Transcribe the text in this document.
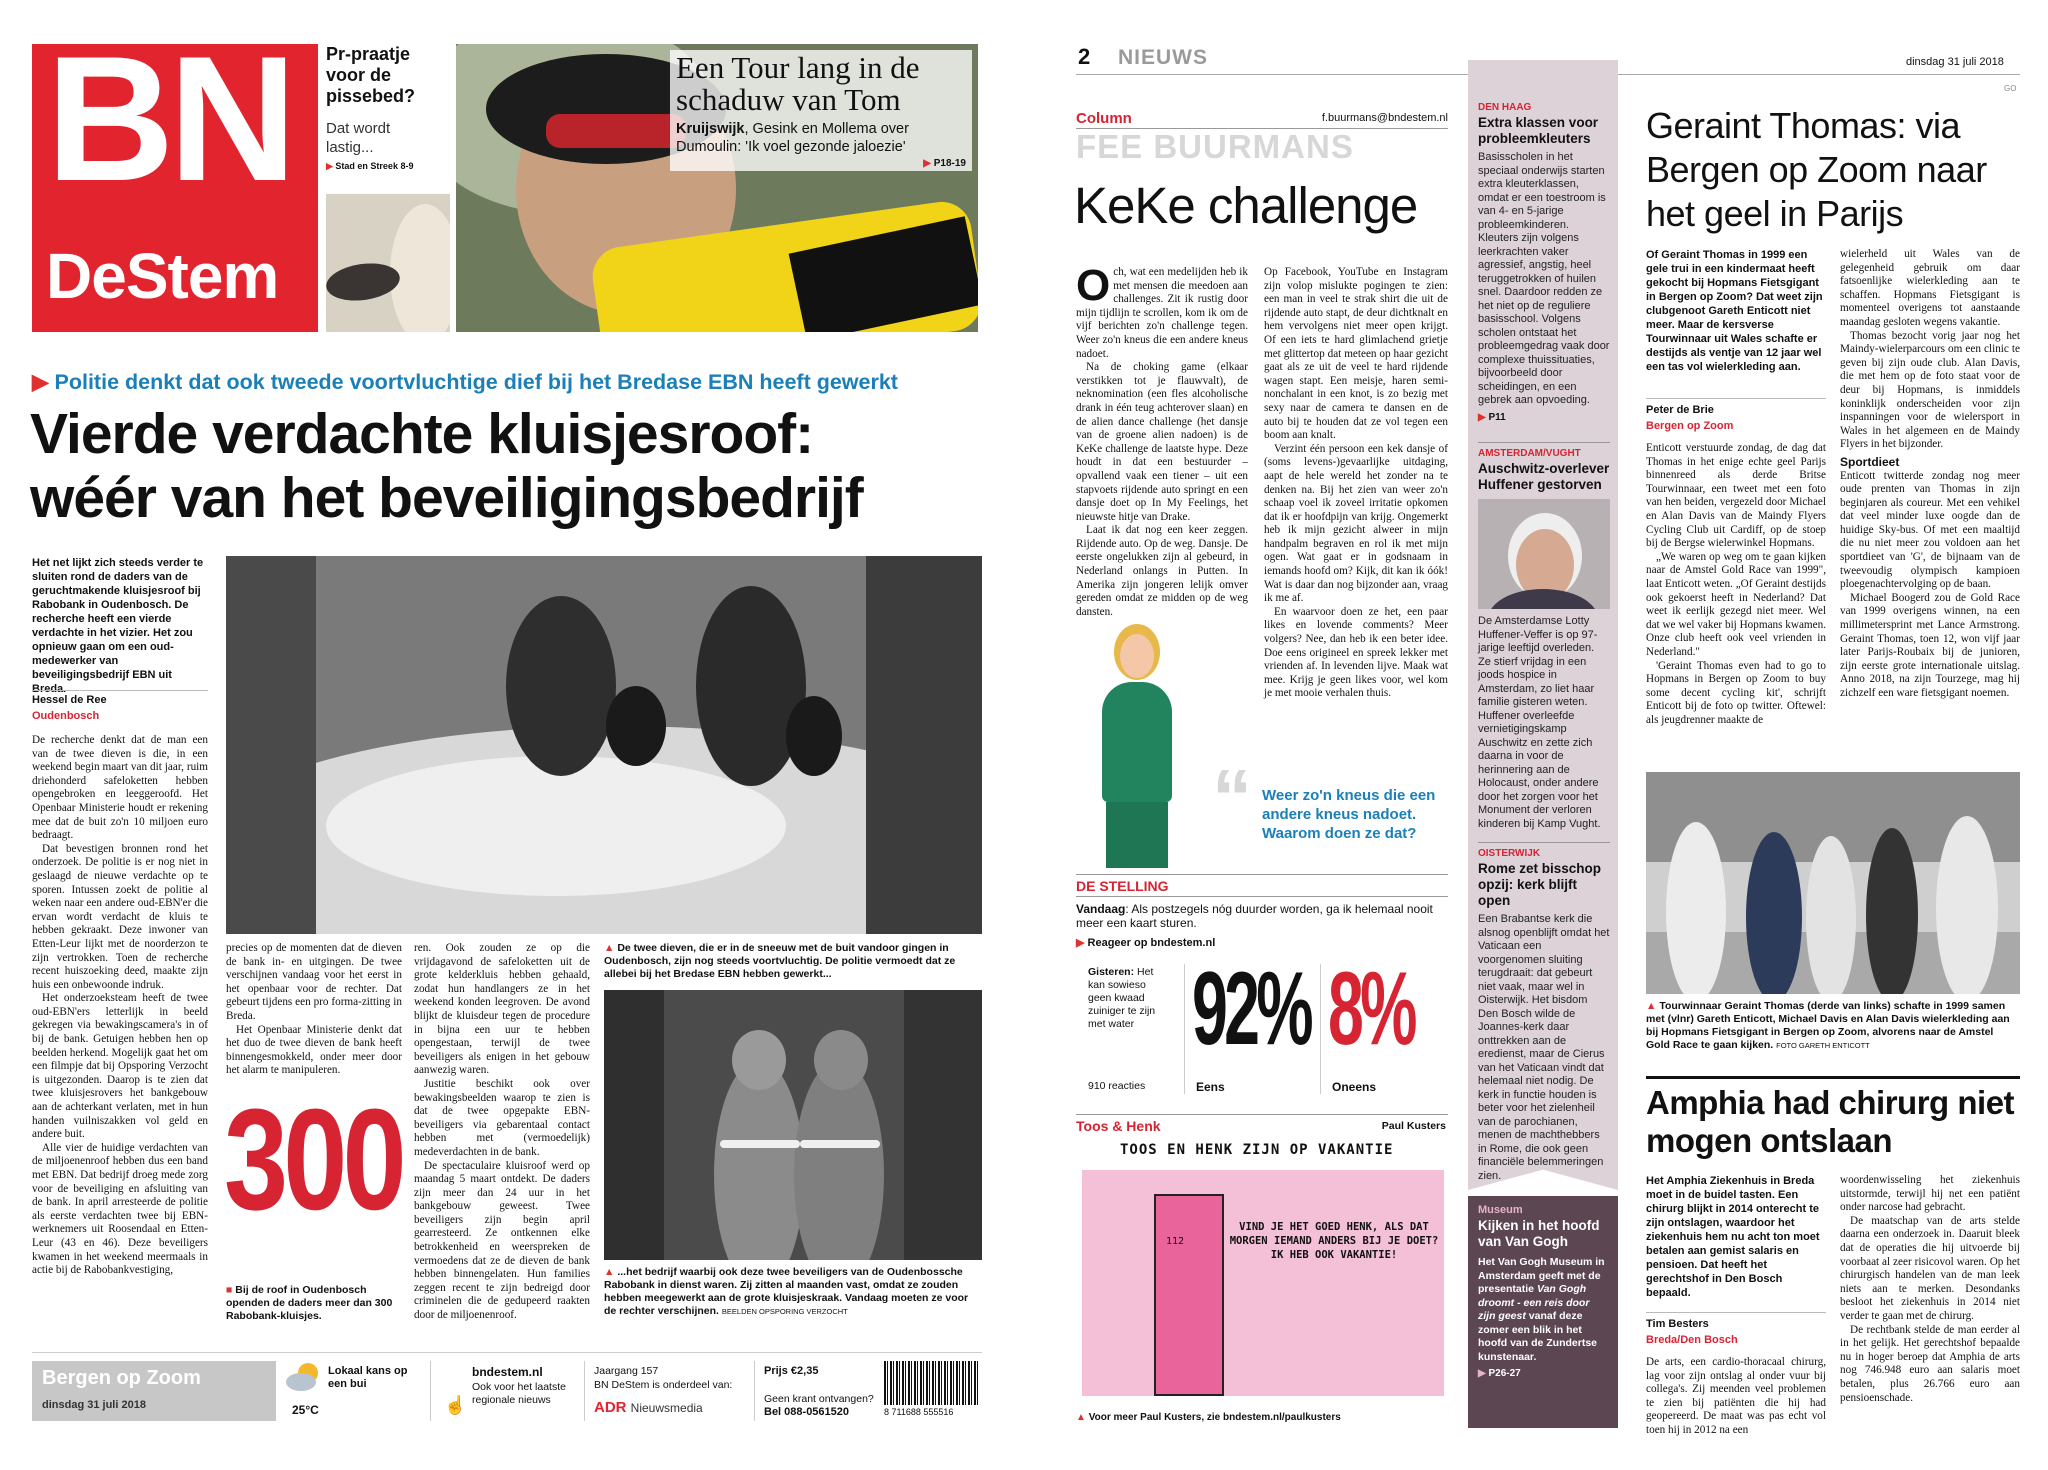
BN
DeStem
Pr-praatje voor de pissebed?
Dat wordt lastig...
▶ Stad en Streek 8-9
Een Tour lang in de
schaduw van Tom
Kruijswijk, Gesink en Mollema over Dumoulin: 'Ik voel gezonde jaloezie'
▶ P18-19
▶ Politie denkt dat ook tweede voortvluchtige dief bij het Bredase EBN heeft gewerkt
Vierde verdachte kluisjesroof:
wéér van het beveiligingsbedrijf
Het net lijkt zich steeds verder te sluiten rond de daders van de geruchtmakende kluisjesroof bij Rabobank in Oudenbosch. De recherche heeft een vierde verdachte in het vizier. Het zou opnieuw gaan om een oud-medewerker van beveiligingsbedrijf EBN uit Breda.
Hessel de Ree
Oudenbosch

De recherche denkt dat de man een van de twee dieven is die, in een weekend begin maart van dit jaar, ruim driehonderd safeloketten hebben opengebroken en leeggeroofd. Het Openbaar Ministerie houdt er rekening mee dat de buit zo'n 10 miljoen euro bedraagt.

Dat bevestigen bronnen rond het onderzoek. De politie is er nog niet in geslaagd de nieuwe verdachte op te sporen. Intussen zoekt de politie al weken naar een andere oud-EBN'er die ervan wordt verdacht de kluis te hebben gekraakt. Deze inwoner van Etten-Leur lijkt met de noorderzon te zijn vertrokken. Toen de recherche recent huiszoeking deed, maakte zijn huis een onbewoonde indruk.

Het onderzoeksteam heeft de twee oud-EBN'ers letterlijk in beeld gekregen via bewakingscamera's in of bij de bank. Getuigen hebben hen op beelden herkend. Mogelijk gaat het om een filmpje dat bij Opsporing Verzocht is uitgezonden. Daarop is te zien dat twee kluisjesrovers het bankgebouw aan de achterkant verlaten, met in hun handen vuilniszakken vol geld en andere buit.

Alle vier de huidige verdachten van de miljoenenroof hebben dus een band met EBN. Dat bedrijf droeg mede zorg voor de beveiliging en afsluiting van de bank. In april arresteerde de politie als eerste verdachten twee bij EBN-werknemers uit Roosendaal en Etten-Leur (43 en 46). Deze beveiligers kwamen in het weekend meermaals in actie bij de Rabobankvestiging,

precies op de momenten dat de dieven de bank in- en uitgingen. De twee verschijnen vandaag voor het eerst in het openbaar voor de rechter. Dat gebeurt tijdens een pro forma-zitting in Breda.

Het Openbaar Ministerie denkt dat het duo de twee dieven de bank heeft binnengesmokkeld, onder meer door het alarm te manipuleren.

300
■ Bij de roof in Oudenbosch openden de daders meer dan 300 Rabobank-kluisjes.

ren. Ook zouden ze op die vrijdagavond de safeloketten uit de grote kelderkluis hebben gehaald, zodat hun handlangers ze in het weekend konden leegroven. De avond blijkt de kluisdeur tegen de procedure in bijna een uur te hebben opengestaan, terwijl de twee beveiligers als enigen in het gebouw aanwezig waren.

Justitie beschikt ook over bewakingsbeelden waarop te zien is dat de twee opgepakte EBN-beveiligers via gebarentaal contact hebben met (vermoedelijk) medeverdachten in de bank.

De spectaculaire kluisroof werd op maandag 5 maart ontdekt. De daders zijn meer dan 24 uur in het bankgebouw geweest. Twee beveiligers zijn begin april gearresteerd. Ze ontkennen elke betrokkenheid en weerspreken de vermoedens dat ze de dieven de bank hebben binnengelaten. Hun families zeggen recent te zijn bedreigd door criminelen die de gedupeerd raakten door de miljoenenroof.

▲ De twee dieven, die er in de sneeuw met de buit vandoor gingen in Oudenbosch, zijn nog steeds voortvluchtig. De politie vermoedt dat ze allebei bij het Bredase EBN hebben gewerkt...
▲ ...het bedrijf waarbij ook deze twee beveiligers van de Oudenbossche Rabobank in dienst waren. Zij zitten al maanden vast, omdat ze zouden hebben meegewerkt aan de grote kluisjeskraak. Vandaag moeten ze voor de rechter verschijnen. BEELDEN OPSPORING VERZOCHT
Bergen op Zoom
dinsdag 31 juli 2018
Lokaal kans op een bui
25°C	☝
bndestem.nl
Ook voor het laatste regionale nieuws
Jaargang 157
BN DeStem is onderdeel van:
ADR Nieuwsmedia
Prijs €2,35
Geen krant ontvangen?
Bel 088-0561520	8 711688 555516
2 NIEUWS	dinsdag 31 juli 2018
GO
Column	f.buurmans@bndestem.nl
FEE BUURMANS
KeKe challenge

Och, wat een medelijden heb ik met mensen die meedoen aan challenges. Zit ik rustig door mijn tijdlijn te scrollen, kom ik om de vijf berichten zo'n challenge tegen. Weer zo'n kneus die een andere kneus nadoet.

Na de choking game (elkaar verstikken tot je flauwvalt), de neknomination (een fles alcoholische drank in één teug achterover slaan) en de alien dance challenge (het dansje van de groene alien nadoen) is de KeKe challenge de laatste hype. Deze houdt in dat een bestuurder – opvallend vaak een tiener – uit een stapvoets rijdende auto springt en een dansje doet op In My Feelings, het nieuwste hitje van Drake.

Laat ik dat nog een keer zeggen. Rijdende auto. Op de weg. Dansje. De eerste ongelukken zijn al gebeurd, in Nederland onlangs in Putten. In Amerika zijn jongeren lelijk omver gereden omdat ze midden op de weg dansten.

Op Facebook, YouTube en Instagram zijn volop mislukte pogingen te zien: een man in veel te strak shirt die uit de rijdende auto stapt, de deur dichtknalt en hem vervolgens niet meer open krijgt. Of een iets te hard glimlachend grietje met glittertop dat meteen op haar gezicht gaat als ze uit de veel te hard rijdende wagen stapt. Een meisje, haren semi-nonchalant in een knot, is zo bezig met sexy naar de camera te dansen en de auto bij te houden dat ze vol tegen een boom aan knalt.

Verzint één persoon een kek dansje of (soms levens-)gevaarlijke uitdaging, aapt de hele wereld het zonder na te denken na. Bij het zien van weer zo'n schaap voel ik zoveel irritatie opkomen dat ik er hoofdpijn van krijg. Ongemerkt heb ik mijn gezicht alweer in mijn handpalm begraven en rol ik met mijn ogen. Wat gaat er in godsnaam in iemands hoofd om? Kijk, dit kan ik óók! Wat is daar dan nog bijzonder aan, vraag ik me af.

En waarvoor doen ze het, een paar likes en lovende comments? Meer volgers? Nee, dan heb ik een beter idee. Doe eens origineel en spreek lekker met vrienden af. In levenden lijve. Maak wat mee. Krijg je geen likes voor, wel kom je met mooie verhalen thuis.

“ Weer zo'n kneus die een andere kneus nadoet. Waarom doen ze dat?
DE STELLING
Vandaag: Als postzegels nóg duurder worden, ga ik helemaal nooit meer een kaart sturen.
▶ Reageer op bndestem.nl
Gisteren: Het kan sowieso geen kwaad zuiniger te zijn met water
910 reacties
92%
Eens
8%
Oneens
Toos & Henk	Paul Kusters
TOOS EN HENK ZIJN OP VAKANTIE
112
VIND JE HET GOED HENK, ALS DAT MORGEN IEMAND ANDERS BIJ JE DOET? IK HEB OOK VAKANTIE!
▲ Voor meer Paul Kusters, zie bndestem.nl/paulkusters
DEN HAAG
Extra klassen voor probleemkleuters

Basisscholen in het speciaal onderwijs starten extra kleuterklassen, omdat er een toestroom is van 4- en 5-jarige probleemkinderen. Kleuters zijn volgens leerkrachten vaker agressief, angstig, heel teruggetrokken of huilen snel. Daardoor redden ze het niet op de reguliere basisschool. Volgens scholen ontstaat het probleemgedrag vaak door complexe thuissituaties, bijvoorbeeld door scheidingen, en een gebrek aan opvoeding.

▶ P11
AMSTERDAM/VUGHT
Auschwitz-overlever Huffener gestorven

De Amsterdamse Lotty Huffener-Veffer is op 97-jarige leeftijd overleden. Ze stierf vrijdag in een joods hospice in Amsterdam, zo liet haar familie gisteren weten. Huffener overleefde vernietigingskamp Auschwitz en zette zich daarna in voor de herinnering aan de Holocaust, onder andere door het zorgen voor het Monument der verloren kinderen bij Kamp Vught.

OISTERWIJK
Rome zet bisschop opzij: kerk blijft open

Een Brabantse kerk die alsnog openblijft omdat het Vaticaan een voorgenomen sluiting terugdraait: dat gebeurt niet vaak, maar wel in Oisterwijk. Het bisdom Den Bosch wilde de Joannes-kerk daar onttrekken aan de eredienst, maar de Cierus van het Vaticaan vindt dat helemaal niet nodig. De kerk in functie houden is beter voor het zielenheil van de parochianen, menen de machthebbers in Rome, die ook geen financiële belemmeringen zien.

Museum
Kijken in het hoofd van Van Gogh
Het Van Gogh Museum in Amsterdam geeft met de presentatie Van Gogh droomt - een reis door zijn geest vanaf deze zomer een blik in het hoofd van de Zundertse kunstenaar.
▶ P26-27
Geraint Thomas: via Bergen op Zoom naar het geel in Parijs
Of Geraint Thomas in 1999 een gele trui in een kindermaat heeft gekocht bij Hopmans Fietsgigant in Bergen op Zoom? Dat weet zijn clubgenoot Gareth Enticott niet meer. Maar de kersverse Tourwinnaar uit Wales schafte er destijds als ventje van 12 jaar wel een tas vol wielerkleding aan.
Peter de Brie
Bergen op Zoom

Enticott verstuurde zondag, de dag dat Thomas in het enige echte geel Parijs binnenreed als derde Britse Tourwinnaar, een tweet met een foto van hen beiden, vergezeld door Michael en Alan Davis van de Maindy Flyers Cycling Club uit Cardiff, op de stoep bij de Bergse wielerwinkel Hopmans.

„We waren op weg om te gaan kijken naar de Amstel Gold Race van 1999", laat Enticott weten. „Of Geraint destijds ook gekoerst heeft in Nederland? Dat weet ik eerlijk gezegd niet meer. Wel dat we wel vaker bij Hopmans kwamen. Onze club heeft ook veel vrienden in Nederland."

'Geraint Thomas even had to go to Hopmans in Bergen op Zoom to buy some decent cycling kit', schrijft Enticott bij de foto op twitter. Oftewel: als jeugdrenner maakte de

wielerheld uit Wales van de gelegenheid gebruik om daar fatsoenlijke wielerkleding aan te schaffen. Hopmans Fietsgigant is momenteel overigens tot aanstaande maandag gesloten wegens vakantie.

Thomas bezocht vorig jaar nog het Maindy-wielerparcours om een clinic te geven bij zijn oude club. Alan Davis, die met hem op de foto staat voor de deur bij Hopmans, is inmiddels koninklijk onderscheiden voor zijn inspanningen voor de wielersport in Wales in het algemeen en de Maindy Flyers in het bijzonder.

Sportdieet

Enticott twitterde zondag nog meer oude prenten van Thomas in zijn beginjaren als coureur. Met een vehikel dat veel minder luxe oogde dan de huidige Sky-bus. Of met een maaltijd die nu niet meer zou voldoen aan het sportdieet van 'G', de bijnaam van de tweevoudig olympisch kampioen ploegenachtervolging op de baan.

Michael Boogerd zou de Gold Race van 1999 overigens winnen, na een millimetersprint met Lance Armstrong. Geraint Thomas, toen 12, won vijf jaar later Parijs-Roubaix bij de junioren, zijn eerste grote internationale uitslag. Anno 2018, na zijn Tourzege, mag hij zichzelf een ware fietsgigant noemen.

▲ Tourwinnaar Geraint Thomas (derde van links) schafte in 1999 samen met (vlnr) Gareth Enticott, Michael Davis en Alan Davis wielerkleding aan bij Hopmans Fietsgigant in Bergen op Zoom, alvorens naar de Amstel Gold Race te gaan kijken. FOTO GARETH ENTICOTT
Amphia had chirurg niet mogen ontslaan
Het Amphia Ziekenhuis in Breda moet in de buidel tasten. Een chirurg blijkt in 2014 onterecht te zijn ontslagen, waardoor het ziekenhuis hem nu acht ton moet betalen aan gemist salaris en pensioen. Dat heeft het gerechtshof in Den Bosch bepaald.
Tim Besters
Breda/Den Bosch

De arts, een cardio-thoracaal chirurg, lag voor zijn ontslag al onder vuur bij collega's. Zij meenden veel problemen te zien bij patiënten die hij had geopereerd. De maat was pas echt vol toen hij in 2012 na een

woordenwisseling het ziekenhuis uitstormde, terwijl hij net een patiënt onder narcose had gebracht.

De maatschap van de arts stelde daarna een onderzoek in. Daaruit bleek dat de operaties die hij uitvoerde bij voorbaat al zeer risicovol waren. Op het chirurgisch handelen van de man leek niets aan te merken. Desondanks besloot het ziekenhuis in 2014 niet verder te gaan met de chirurg.

De rechtbank stelde de man eerder al in het gelijk. Het gerechtshof bepaalde nu in hoger beroep dat Amphia de arts nog 746.948 euro aan salaris moet betalen, plus 26.766 euro aan pensioenschade.
